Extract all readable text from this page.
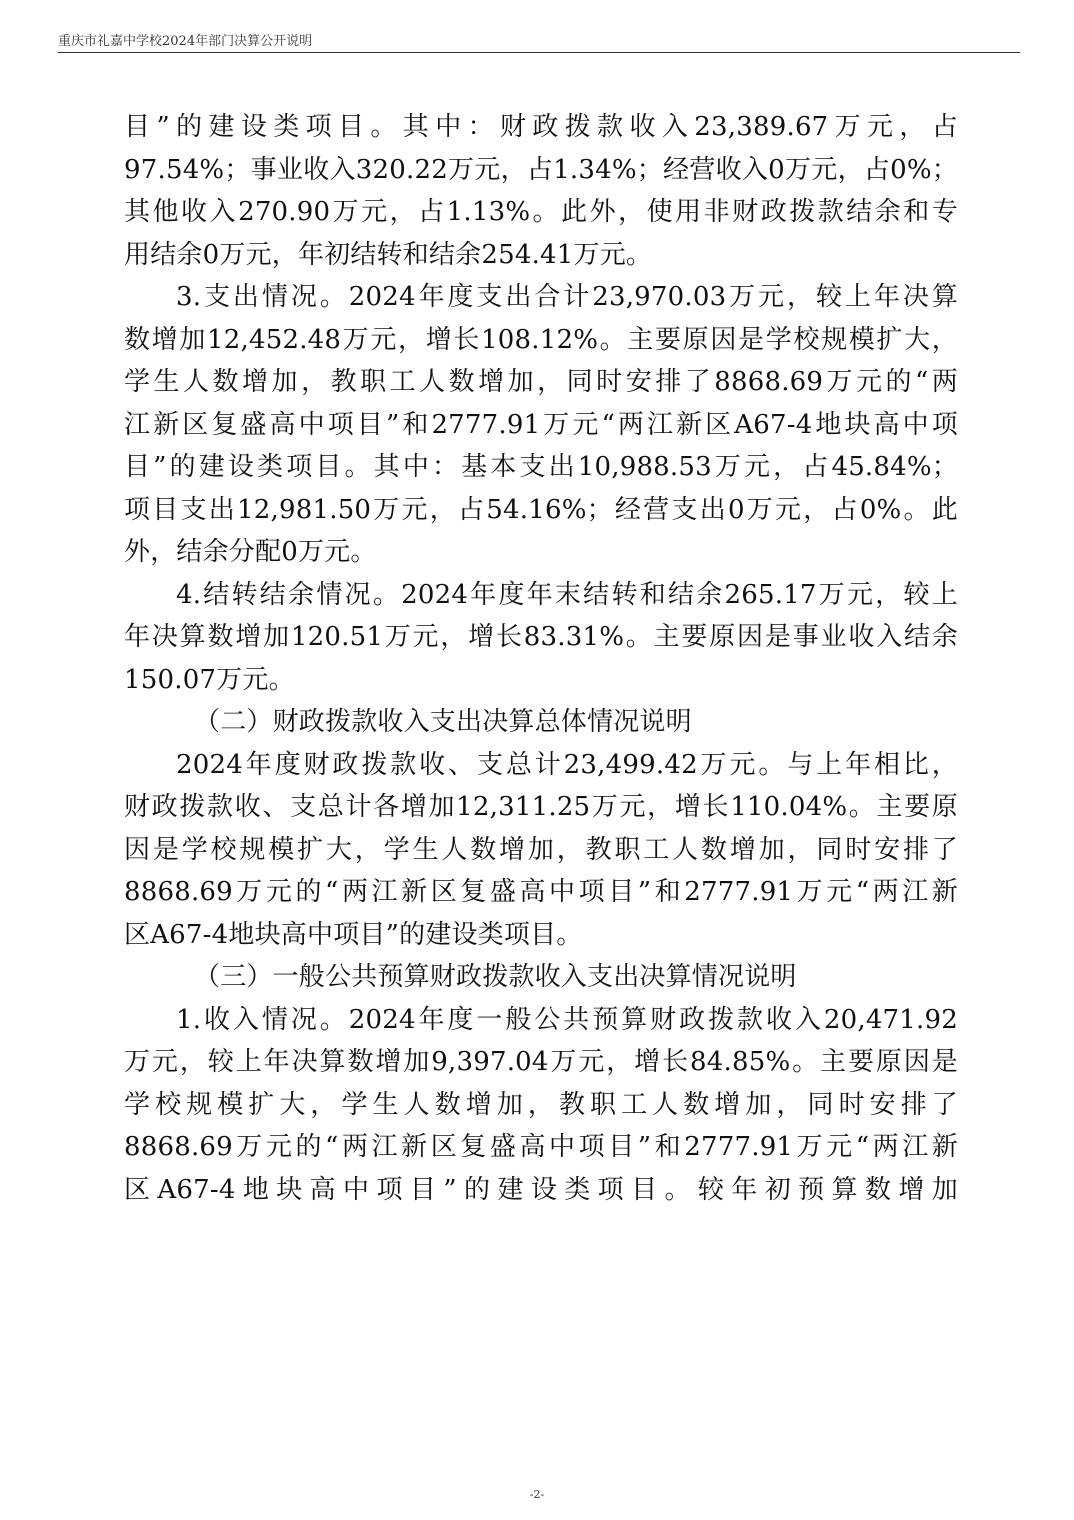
重庆市礼嘉中学校2024年部门决算公开说明
目”的建设类项目。其中：财政拨款收入23,389.67万元，占
97.54%；事业收入320.22万元，占1.34%；经营收入0万元，占0%；
其他收入270.90万元，占1.13%。此外，使用非财政拨款结余和专
用结余0万元，年初结转和结余254.41万元。
3.支出情况。2024年度支出合计23,970.03万元，较上年决算
数增加12,452.48万元，增长108.12%。主要原因是学校规模扩大，
学生人数增加，教职工人数增加，同时安排了8868.69万元的“两
江新区复盛高中项目”和2777.91万元“两江新区A67-4地块高中项
目”的建设类项目。其中：基本支出10,988.53万元，占45.84%；
项目支出12,981.50万元，占54.16%；经营支出0万元，占0%。此
外，结余分配0万元。
4.结转结余情况。2024年度年末结转和结余265.17万元，较上
年决算数增加120.51万元，增长83.31%。主要原因是事业收入结余
150.07万元。
（二）财政拨款收入支出决算总体情况说明
2024年度财政拨款收、支总计23,499.42万元。与上年相比，
财政拨款收、支总计各增加12,311.25万元，增长110.04%。主要原
因是学校规模扩大，学生人数增加，教职工人数增加，同时安排了
8868.69万元的“两江新区复盛高中项目”和2777.91万元“两江新
区A67-4地块高中项目”的建设类项目。
（三）一般公共预算财政拨款收入支出决算情况说明
1.收入情况。2024年度一般公共预算财政拨款收入20,471.92
万元，较上年决算数增加9,397.04万元，增长84.85%。主要原因是
学校规模扩大，学生人数增加，教职工人数增加，同时安排了
8868.69万元的“两江新区复盛高中项目”和2777.91万元“两江新
区A67-4地块高中项目”的建设类项目。较年初预算数增加
-2-
